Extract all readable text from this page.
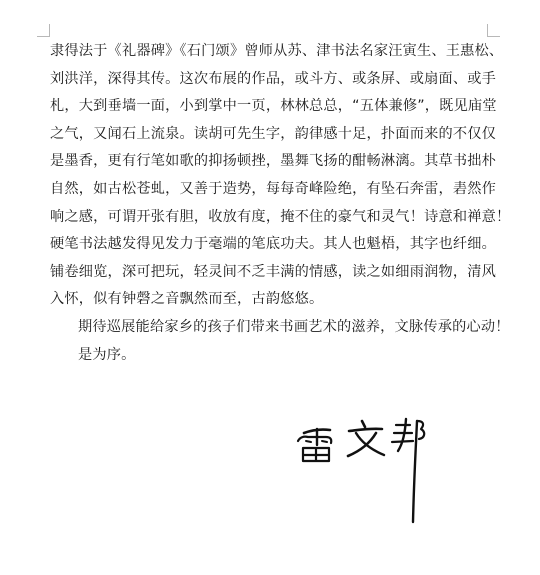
隶得法于《礼器碑》《石门颂》曾师从苏、津书法名家汪寅生、王惠松、
刘洪洋，深得其传。这次布展的作品，或斗方、或条屏、或扇面、或手
札，大到垂墙一面，小到掌中一页，林林总总，“五体兼修”，既见庙堂
之气，又闻石上流泉。读胡可先生字，韵律感十足，扑面而来的不仅仅
是墨香，更有行笔如歌的抑扬顿挫，墨舞飞扬的酣畅淋漓。其草书拙朴
自然，如古松苍虬，又善于造势，每每奇峰险绝，有坠石奔雷，砉然作
响之感，可谓开张有胆，收放有度，掩不住的豪气和灵气！诗意和禅意！
硬笔书法越发得见发力于毫端的笔底功夫。其人也魁梧，其字也纤细。
铺卷细览，深可把玩，轻灵间不乏丰满的情感，读之如细雨润物，清风
入怀，似有钟磬之音飘然而至，古韵悠悠。
期待巡展能给家乡的孩子们带来书画艺术的滋养，文脉传承的心动！
是为序。
